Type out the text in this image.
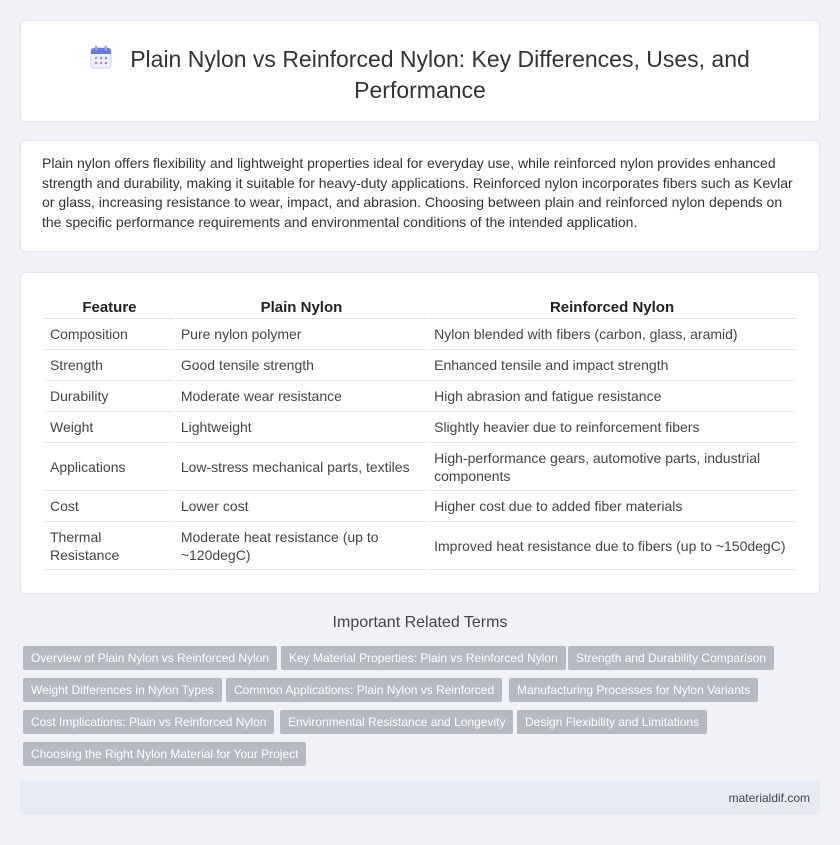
Plain Nylon vs Reinforced Nylon: Key Differences, Uses, and Performance

Plain nylon offers flexibility and lightweight properties ideal for everyday use, while reinforced nylon provides enhanced strength and durability, making it suitable for heavy-duty applications. Reinforced nylon incorporates fibers such as Kevlar or glass, increasing resistance to wear, impact, and abrasion. Choosing between plain and reinforced nylon depends on the specific performance requirements and environmental conditions of the intended application.

Feature	Plain Nylon	Reinforced Nylon
Composition	Pure nylon polymer	Nylon blended with fibers (carbon, glass, aramid)
Strength	Good tensile strength	Enhanced tensile and impact strength
Durability	Moderate wear resistance	High abrasion and fatigue resistance
Weight	Lightweight	Slightly heavier due to reinforcement fibers
Applications	Low-stress mechanical parts, textiles	High-performance gears, automotive parts, industrial components
Cost	Lower cost	Higher cost due to added fiber materials
Thermal Resistance	Moderate heat resistance (up to ~120degC)	Improved heat resistance due to fibers (up to ~150degC)
Important Related Terms
Overview of Plain Nylon vs Reinforced Nylon	Key Material Properties: Plain vs Reinforced Nylon	Strength and Durability Comparison
Weight Differences in Nylon Types	Common Applications: Plain Nylon vs Reinforced	Manufacturing Processes for Nylon Variants
Cost Implications: Plain vs Reinforced Nylon	Environmental Resistance and Longevity	Design Flexibility and Limitations
Choosing the Right Nylon Material for Your Project
materialdif.com
